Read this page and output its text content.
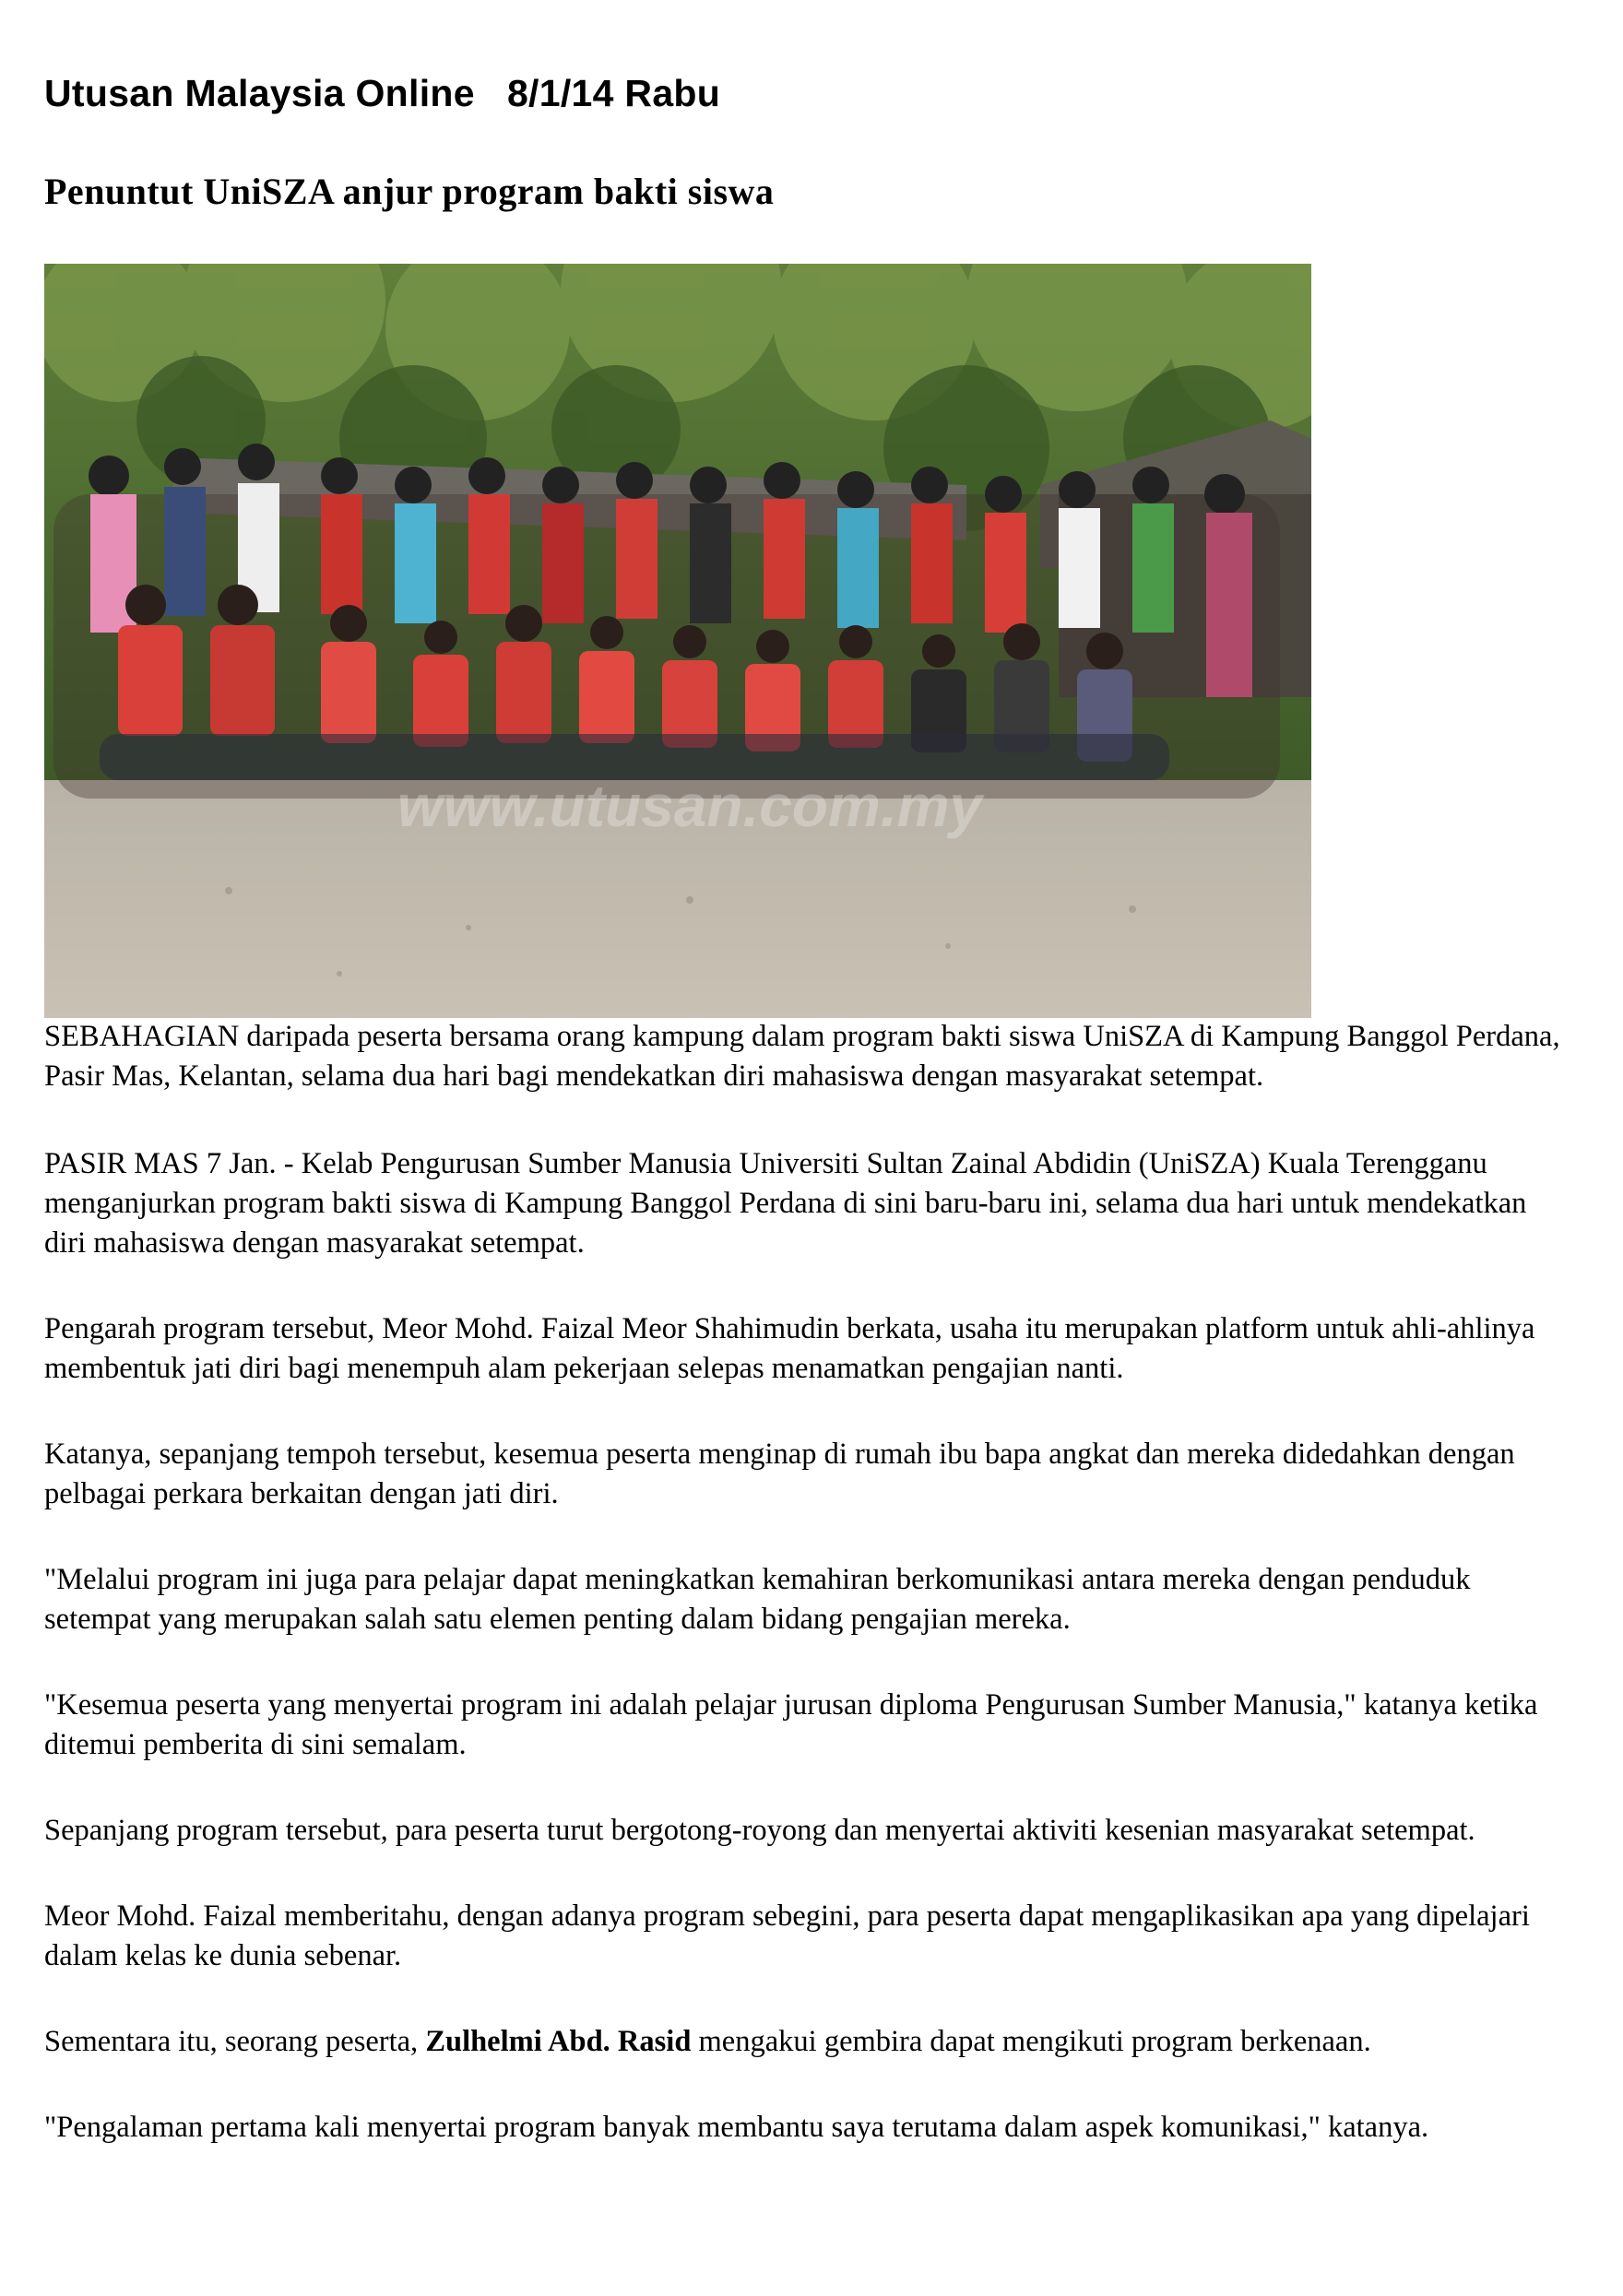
Utusan Malaysia Online 8/1/14 Rabu
Penuntut UniSZA anjur program bakti siswa
www.utusan.com.my

SEBAHAGIAN daripada peserta bersama orang kampung dalam program bakti siswa UniSZA di Kampung Banggol Perdana, Pasir Mas, Kelantan, selama dua hari bagi mendekatkan diri mahasiswa dengan masyarakat setempat.

PASIR MAS 7 Jan. - Kelab Pengurusan Sumber Manusia Universiti Sultan Zainal Abdidin (UniSZA) Kuala Terengganu menganjurkan program bakti siswa di Kampung Banggol Perdana di sini baru-baru ini, selama dua hari untuk mendekatkan diri mahasiswa dengan masyarakat setempat.

Pengarah program tersebut, Meor Mohd. Faizal Meor Shahimudin berkata, usaha itu merupakan platform untuk ahli-ahlinya membentuk jati diri bagi menempuh alam pekerjaan selepas menamatkan pengajian nanti.

Katanya, sepanjang tempoh tersebut, kesemua peserta menginap di rumah ibu bapa angkat dan mereka didedahkan dengan pelbagai perkara berkaitan dengan jati diri.

"Melalui program ini juga para pelajar dapat meningkatkan kemahiran berkomunikasi antara mereka dengan penduduk setempat yang merupakan salah satu elemen penting dalam bidang pengajian mereka.

"Kesemua peserta yang menyertai program ini adalah pelajar jurusan diploma Pengurusan Sumber Manusia," katanya ketika ditemui pemberita di sini semalam.

Sepanjang program tersebut, para peserta turut bergotong-royong dan menyertai aktiviti kesenian masyarakat setempat.

Meor Mohd. Faizal memberitahu, dengan adanya program sebegini, para peserta dapat mengaplikasikan apa yang dipelajari dalam kelas ke dunia sebenar.

Sementara itu, seorang peserta, Zulhelmi Abd. Rasid mengakui gembira dapat mengikuti program berkenaan.

"Pengalaman pertama kali menyertai program banyak membantu saya terutama dalam aspek komunikasi," katanya.
